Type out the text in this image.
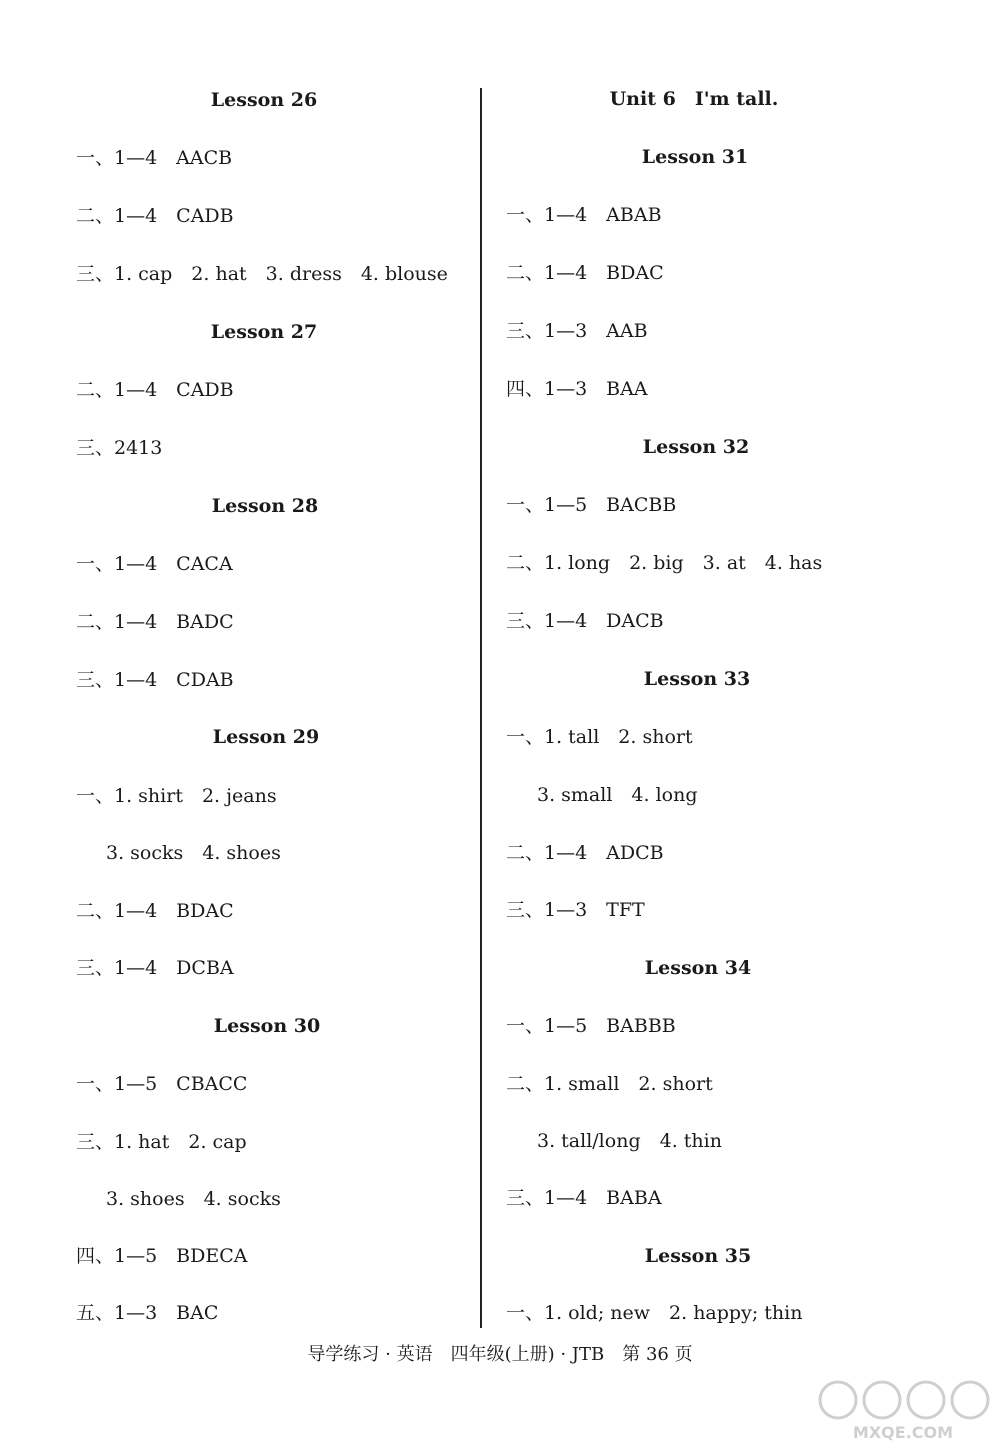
Lesson 26
一、1—4　AACB
二、1—4　CADB
三、1. cap　2. hat　3. dress　4. blouse
Lesson 27
二、1—4　CADB
三、2413
Lesson 28
一、1—4　CACA
二、1—4　BADC
三、1—4　CDAB
Lesson 29
一、1. shirt　2. jeans
3. socks　4. shoes
二、1—4　BDAC
三、1—4　DCBA
Lesson 30
一、1—5　CBACC
三、1. hat　2. cap
3. shoes　4. socks
四、1—5　BDECA
五、1—3　BAC
Unit 6　I'm tall.
Lesson 31
一、1—4　ABAB
二、1—4　BDAC
三、1—3　AAB
四、1—3　BAA
Lesson 32
一、1—5　BACBB
二、1. long　2. big　3. at　4. has
三、1—4　DACB
Lesson 33
一、1. tall　2. short
3. small　4. long
二、1—4　ADCB
三、1—3　TFT
Lesson 34
一、1—5　BABBB
二、1. small　2. short
3. tall/long　4. thin
三、1—4　BABA
Lesson 35
一、1. old; new　2. happy; thin
导学练习 · 英语　四年级(上册) · JTB　第 36 页
MXQE.COM
